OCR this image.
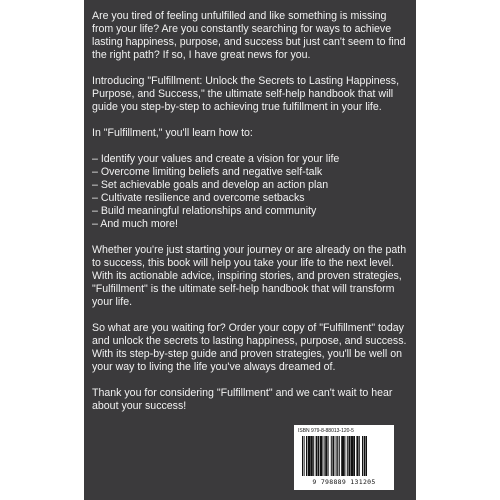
Are you tired of feeling unfulfilled and like something is missing from your life? Are you constantly searching for ways to achieve lasting happiness, purpose, and success but just can't seem to find the right path? If so, I have great news for you.

Introducing "Fulfillment: Unlock the Secrets to Lasting Happiness, Purpose, and Success," the ultimate self-help handbook that will guide you step-by-step to achieving true fulfillment in your life.

In "Fulfillment," you'll learn how to:

– Identify your values and create a vision for your life
– Overcome limiting beliefs and negative self-talk
– Set achievable goals and develop an action plan
– Cultivate resilience and overcome setbacks
– Build meaningful relationships and community
– And much more!

Whether you're just starting your journey or are already on the path to success, this book will help you take your life to the next level. With its actionable advice, inspiring stories, and proven strategies, "Fulfillment" is the ultimate self-help handbook that will transform your life.

So what are you waiting for? Order your copy of "Fulfillment" today and unlock the secrets to lasting happiness, purpose, and success. With its step-by-step guide and proven strategies, you'll be well on your way to living the life you've always dreamed of.

Thank you for considering "Fulfillment" and we can't wait to hear about your success!

ISBN 979-8-88013-120-5
9 798889 131205
